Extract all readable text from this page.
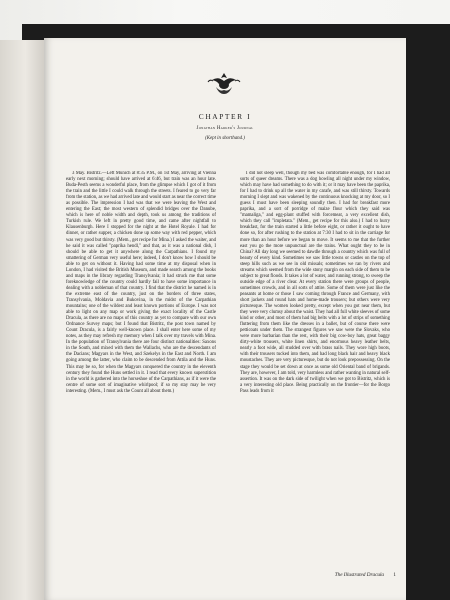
CHAPTER I
Jonathan Harker's Journal
(Kept in shorthand.)

3 May. Bistritz.—Left Munich at 8:35 P.M., on 1st May, arriving at Vienna early next morning; should have arrived at 6:46, but train was an hour late. Buda-Pesth seems a wonderful place, from the glimpse which I got of it from the train and the little I could walk through the streets. I feared to go very far from the station, as we had arrived late and would start as near the correct time as possible. The impression I had was that we were leaving the West and entering the East; the most western of splendid bridges over the Danube, which is here of noble width and depth, took us among the traditions of Turkish rule. We left in pretty good time, and came after nightfall to Klausenburgh. Here I stopped for the night at the Hotel Royale. I had for dinner, or rather supper, a chicken done up some way with red pepper, which was very good but thirsty. (Mem., get recipe for Mina.) I asked the waiter, and he said it was called "paprika hendl," and that, as it was a national dish, I should be able to get it anywhere along the Carpathians. I found my smattering of German very useful here; indeed, I don't know how I should be able to get on without it. Having had some time at my disposal when in London, I had visited the British Museum, and made search among the books and maps in the library regarding Transylvania; it had struck me that some foreknowledge of the country could hardly fail to have some importance in dealing with a nobleman of that country. I find that the district he named is in the extreme east of the country, just on the borders of three states, Transylvania, Moldavia and Bukovina, in the midst of the Carpathian mountains; one of the wildest and least known portions of Europe. I was not able to light on any map or work giving the exact locality of the Castle Dracula, as there are no maps of this country as yet to compare with our own Ordnance Survey maps; but I found that Bistritz, the post town named by Count Dracula, is a fairly well-known place. I shall enter here some of my notes, as they may refresh my memory when I talk over my travels with Mina. In the population of Transylvania there are four distinct nationalities: Saxons in the South, and mixed with them the Wallachs, who are the descendants of the Dacians; Magyars in the West, and Szekelys in the East and North. I am going among the latter, who claim to be descended from Attila and the Huns. This may be so, for when the Magyars conquered the country in the eleventh century they found the Huns settled in it. I read that every known superstition in the world is gathered into the horseshoe of the Carpathians, as if it were the centre of some sort of imaginative whirlpool; if so my stay may be very interesting. (Mem., I must ask the Count all about them.)

I did not sleep well, though my bed was comfortable enough, for I had all sorts of queer dreams. There was a dog howling all night under my window, which may have had something to do with it; or it may have been the paprika, for I had to drink up all the water in my carafe, and was still thirsty. Towards morning I slept and was wakened by the continuous knocking at my door, so I guess I must have been sleeping soundly then. I had for breakfast more paprika, and a sort of porridge of maize flour which they said was "mamaliga," and egg-plant stuffed with forcemeat, a very excellent dish, which they call "impletata." (Mem., get recipe for this also.) I had to hurry breakfast, for the train started a little before eight, or rather it ought to have done so, for after rushing to the station at 7:30 I had to sit in the carriage for more than an hour before we began to move. It seems to me that the further east you go the more unpunctual are the trains. What ought they to be in China? All day long we seemed to dawdle through a country which was full of beauty of every kind. Sometimes we saw little towns or castles on the top of steep hills such as we see in old missals; sometimes we ran by rivers and streams which seemed from the wide stony margin on each side of them to be subject to great floods. It takes a lot of water, and running strong, to sweep the outside edge of a river clear. At every station there were groups of people, sometimes crowds, and in all sorts of attire. Some of them were just like the peasants at home or those I saw coming through France and Germany, with short jackets and round hats and home-made trousers; but others were very picturesque. The women looked pretty, except when you got near them, but they were very clumsy about the waist. They had all full white sleeves of some kind or other, and most of them had big belts with a lot of strips of something fluttering from them like the dresses in a ballet, but of course there were petticoats under them. The strangest figures we saw were the Slovaks, who were more barbarian than the rest, with their big cow-boy hats, great baggy dirty-white trousers, white linen shirts, and enormous heavy leather belts, nearly a foot wide, all studded over with brass nails. They wore high boots, with their trousers tucked into them, and had long black hair and heavy black moustaches. They are very picturesque, but do not look prepossessing. On the stage they would be set down at once as some old Oriental band of brigands. They are, however, I am told, very harmless and rather wanting in natural self-assertion. It was on the dark side of twilight when we got to Bistritz, which is a very interesting old place. Being practically on the frontier—for the Borgo Pass leads from it

The Illustrated Dracula 1
